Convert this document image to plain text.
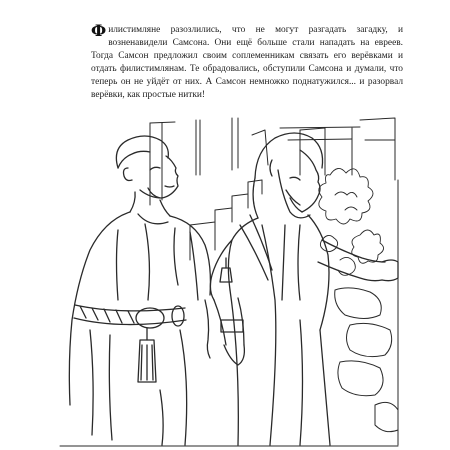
Филистимляне разозлились, что не могут разгадать загадку, и возненавидели Самсона. Они ещё больше стали нападать на евреев. Тогда Самсон предложил своим соплеменникам связать его верёвками и отдать филистимлянам. Те обрадовались, обступили Самсона и думали, что теперь он не уйдёт от них. А Самсон немножко поднатужился... и разорвал верёвки, как простые нитки!
